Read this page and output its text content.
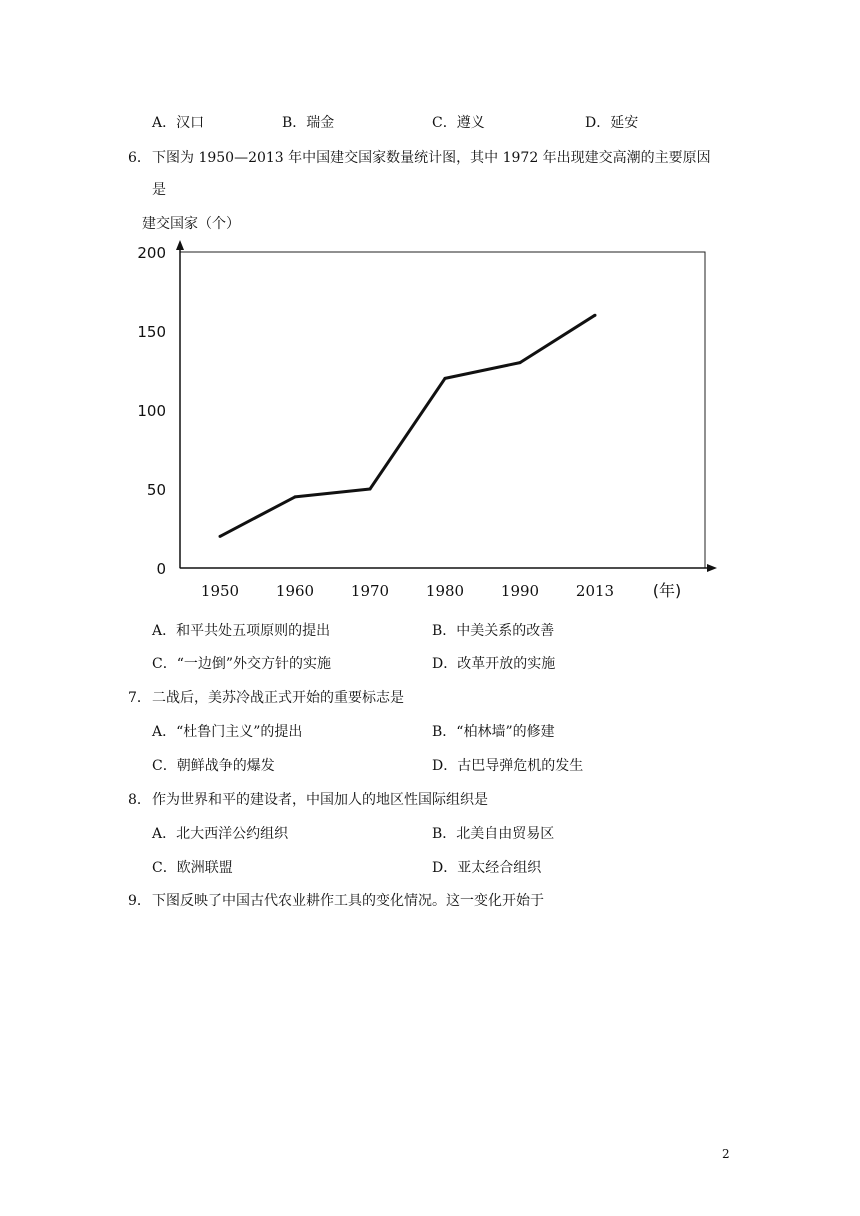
A．汉口	B．瑞金	C．遵义	D．延安
6． 下图为 1950—2013 年中国建交国家数量统计图，其中 1972 年出现建交高潮的主要原因
是
建交国家（个）
200
150
100
50
0
1950 1960 1970 1980 1990 2013 (年)
A．和平共处五项原则的提出	B．中美关系的改善
C．“一边倒”外交方针的实施	D．改革开放的实施
7． 二战后，美苏冷战正式开始的重要标志是
A．“杜鲁门主义”的提出	B．“柏林墙”的修建
C．朝鲜战争的爆发	D．古巴导弹危机的发生
8． 作为世界和平的建设者，中国加人的地区性国际组织是
A．北大西洋公约组织	B．北美自由贸易区
C．欧洲联盟	D．亚太经合组织
9． 下图反映了中国古代农业耕作工具的变化情况。这一变化开始于
2
